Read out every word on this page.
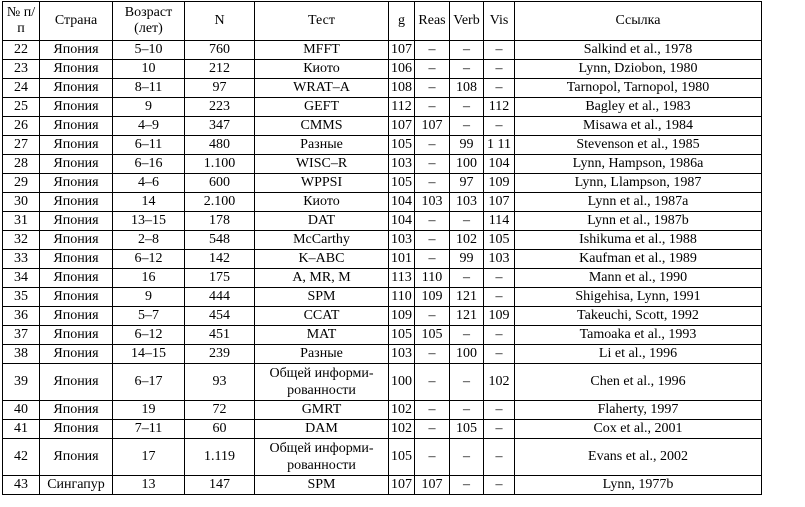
№ п/п	Страна	Возраст (лет)	N	Тест	g	Reas	Verb	Vis	Ссылка
22	Япония	5–10	760	MFFT	107	–	–	–	Salkind et al., 1978
23	Япония	10	212	Киото	106	–	–	–	Lynn, Dziobon, 1980
24	Япония	8–11	97	WRAT–A	108	–	108	–	Tarnopol, Tarnopol, 1980
25	Япония	9	223	GEFT	112	–	–	112	Bagley et al., 1983
26	Япония	4–9	347	CMMS	107	107	–	–	Misawa et al., 1984
27	Япония	6–11	480	Разные	105	–	99	1 11	Stevenson et al., 1985
28	Япония	6–16	1.100	WISC–R	103	–	100	104	Lynn, Hampson, 1986a
29	Япония	4–6	600	WPPSI	105	–	97	109	Lynn, Llampson, 1987
30	Япония	14	2.100	Киото	104	103	103	107	Lynn et al., 1987a
31	Япония	13–15	178	DAT	104	–	–	114	Lynn et al., 1987b
32	Япония	2–8	548	McCarthy	103	–	102	105	Ishikuma et al., 1988
33	Япония	6–12	142	K–ABC	101	–	99	103	Kaufman et al., 1989
34	Япония	16	175	A, MR, M	113	110	–	–	Mann et al., 1990
35	Япония	9	444	SPM	110	109	121	–	Shigehisa, Lynn, 1991
36	Япония	5–7	454	CCAT	109	–	121	109	Takeuchi, Scott, 1992
37	Япония	6–12	451	MAT	105	105	–	–	Tamoaka et al., 1993
38	Япония	14–15	239	Разные	103	–	100	–	Li et al., 1996
39	Япония	6–17	93	Общей информи-рованности	100	–	–	102	Chen et al., 1996
40	Япония	19	72	GMRT	102	–	–	–	Flaherty, 1997
41	Япония	7–11	60	DAM	102	–	105	–	Cox et al., 2001
42	Япония	17	1.119	Общей информи-рованности	105	–	–	–	Evans et al., 2002
43	Сингапур	13	147	SPM	107	107	–	–	Lynn, 1977b
